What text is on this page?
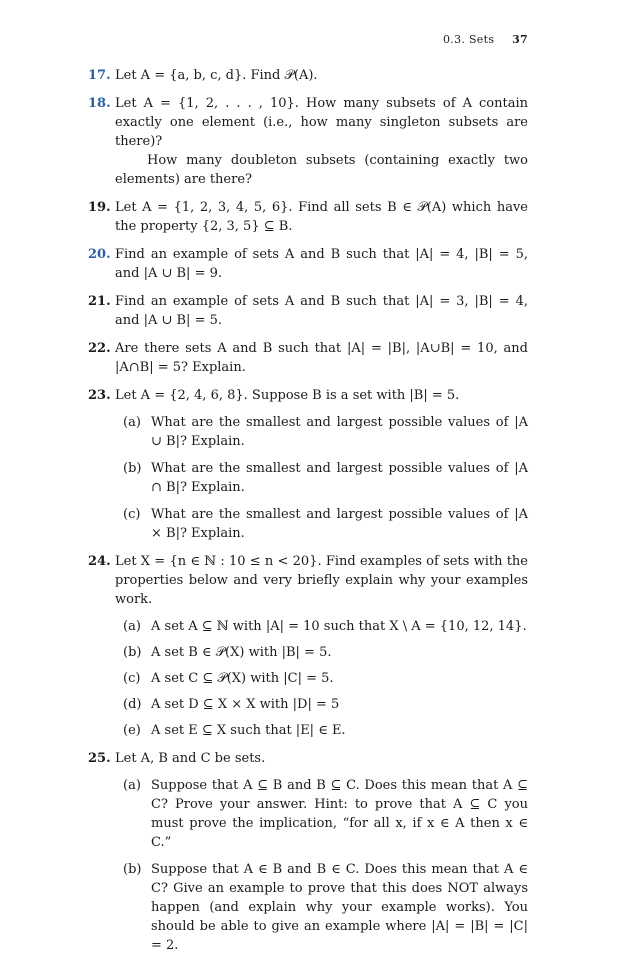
0.3. Sets 37
17. Let A = {a, b, c, d}. Find 𝒫(A).

18. Let A = {1, 2, . . . , 10}. How many subsets of A contain exactly one element (i.e., how many singleton subsets are there)?

How many doubleton subsets (containing exactly two elements) are there?

19. Let A = {1, 2, 3, 4, 5, 6}. Find all sets B ∈ 𝒫(A) which have the property {2, 3, 5} ⊆ B.

20. Find an example of sets A and B such that |A| = 4, |B| = 5, and |A ∪ B| = 9.

21. Find an example of sets A and B such that |A| = 3, |B| = 4, and |A ∪ B| = 5.

22. Are there sets A and B such that |A| = |B|, |A∪B| = 10, and |A∩B| = 5? Explain.

23. Let A = {2, 4, 6, 8}. Suppose B is a set with |B| = 5.

(a) What are the smallest and largest possible values of |A ∪ B|? Explain.
(b) What are the smallest and largest possible values of |A ∩ B|? Explain.
(c) What are the smallest and largest possible values of |A × B|? Explain.
24. Let X = {n ∈ ℕ : 10 ≤ n < 20}. Find examples of sets with the properties below and very briefly explain why your examples work.

(a) A set A ⊆ ℕ with |A| = 10 such that X \ A = {10, 12, 14}.
(b) A set B ∈ 𝒫(X) with |B| = 5.
(c) A set C ⊆ 𝒫(X) with |C| = 5.
(d) A set D ⊆ X × X with |D| = 5
(e) A set E ⊆ X such that |E| ∈ E.
25. Let A, B and C be sets.

(a) Suppose that A ⊆ B and B ⊆ C. Does this mean that A ⊆ C? Prove your answer. Hint: to prove that A ⊆ C you must prove the implication, “for all x, if x ∈ A then x ∈ C.”
(b) Suppose that A ∈ B and B ∈ C. Does this mean that A ∈ C? Give an example to prove that this does NOT always happen (and explain why your example works). You should be able to give an example where |A| = |B| = |C| = 2.
